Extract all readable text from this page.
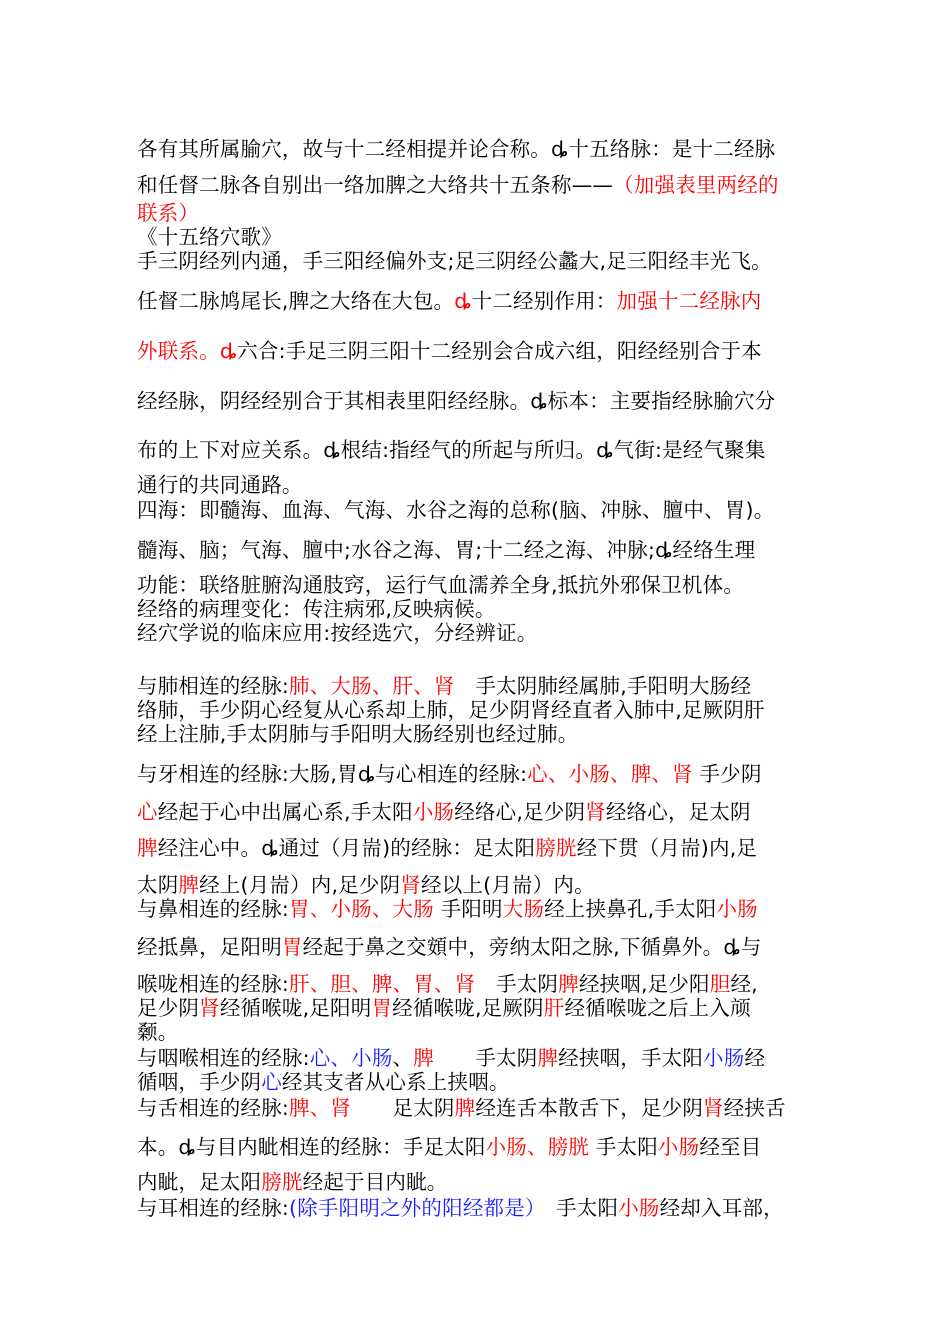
各有其所属腧穴，故与十二经相提并论合称。ȡ十五络脉：是十二经脉

和任督二脉各自别出一络加脾之大络共十五条称——（加强表里两经的

联系）

《十五络穴歌》

手三阴经列内通，手三阳经偏外支;足三阴经公蠡大,足三阳经丰光飞。

任督二脉鸠尾长,脾之大络在大包。ȡ十二经别作用：加强十二经脉内

外联系。ȡ六合:手足三阴三阳十二经别会合成六组，阳经经别合于本

经经脉，阴经经别合于其相表里阳经经脉。ȡ标本：主要指经脉腧穴分

布的上下对应关系。ȡ根结:指经气的所起与所归。ȡ气街:是经气聚集

通行的共同通路。

四海：即髓海、血海、气海、水谷之海的总称(脑、冲脉、膻中、胃)。

髓海、脑；气海、膻中;水谷之海、胃;十二经之海、冲脉;ȡ经络生理

功能：联络脏腑沟通肢窍，运行气血濡养全身,抵抗外邪保卫机体。

经络的病理变化：传注病邪,反映病候。

经穴学说的临床应用:按经选穴，分经辨证。

与肺相连的经脉:肺、大肠、肝、肾　手太阴肺经属肺,手阳明大肠经

络肺，手少阴心经复从心系却上肺，足少阴肾经直者入肺中,足厥阴肝

经上注肺,手太阴肺与手阳明大肠经别也经过肺。

与牙相连的经脉:大肠,胃ȡ与心相连的经脉:心、小肠、脾、肾 手少阴

心经起于心中出属心系,手太阳小肠经络心,足少阴肾经络心，足太阴

脾经注心中。ȡ通过（月耑)的经脉：足太阳膀胱经下贯（月耑)内,足

太阴脾经上(月耑）内,足少阴肾经以上(月耑）内。

与鼻相连的经脉:胃、小肠、大肠 手阳明大肠经上挟鼻孔,手太阳小肠

经抵鼻，足阳明胃经起于鼻之交頞中，旁纳太阳之脉,下循鼻外。ȡ与

喉咙相连的经脉:肝、胆、脾、胃、肾　手太阴脾经挟咽,足少阳胆经,

足少阴肾经循喉咙,足阳明胃经循喉咙,足厥阴肝经循喉咙之后上入颃

颡。

与咽喉相连的经脉:心、小肠、脾　　手太阴脾经挟咽，手太阳小肠经

循咽，手少阴心经其支者从心系上挟咽。

与舌相连的经脉:脾、肾　　足太阴脾经连舌本散舌下，足少阴肾经挟舌

本。ȡ与目内眦相连的经脉：手足太阳小肠、膀胱 手太阳小肠经至目

内眦，足太阳膀胱经起于目内眦。

与耳相连的经脉:(除手阳明之外的阳经都是）　手太阳小肠经却入耳部，
